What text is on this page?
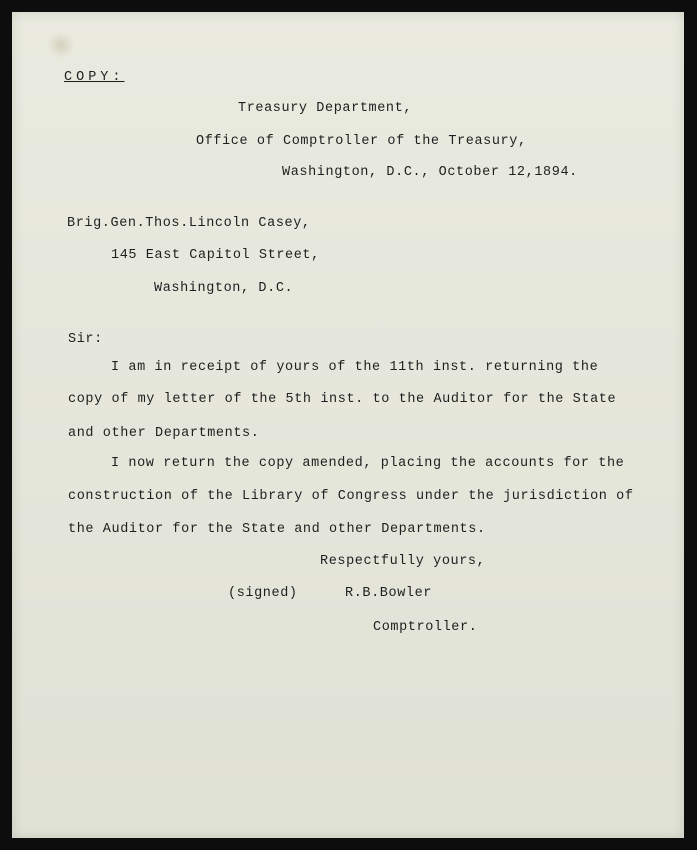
COPY:
Treasury Department,
Office of Comptroller of the Treasury,
Washington, D.C., October 12,1894.
Brig.Gen.Thos.Lincoln Casey,
145 East Capitol Street,
Washington, D.C.
Sir:
I am in receipt of yours of the 11th inst. returning the
copy of my letter of the 5th inst. to the Auditor for the State
and other Departments.
I now return the copy amended, placing the accounts for the
construction of the Library of Congress under the jurisdiction of
the Auditor for the State and other Departments.
Respectfully yours,
(signed)	R.B.Bowler
Comptroller.
